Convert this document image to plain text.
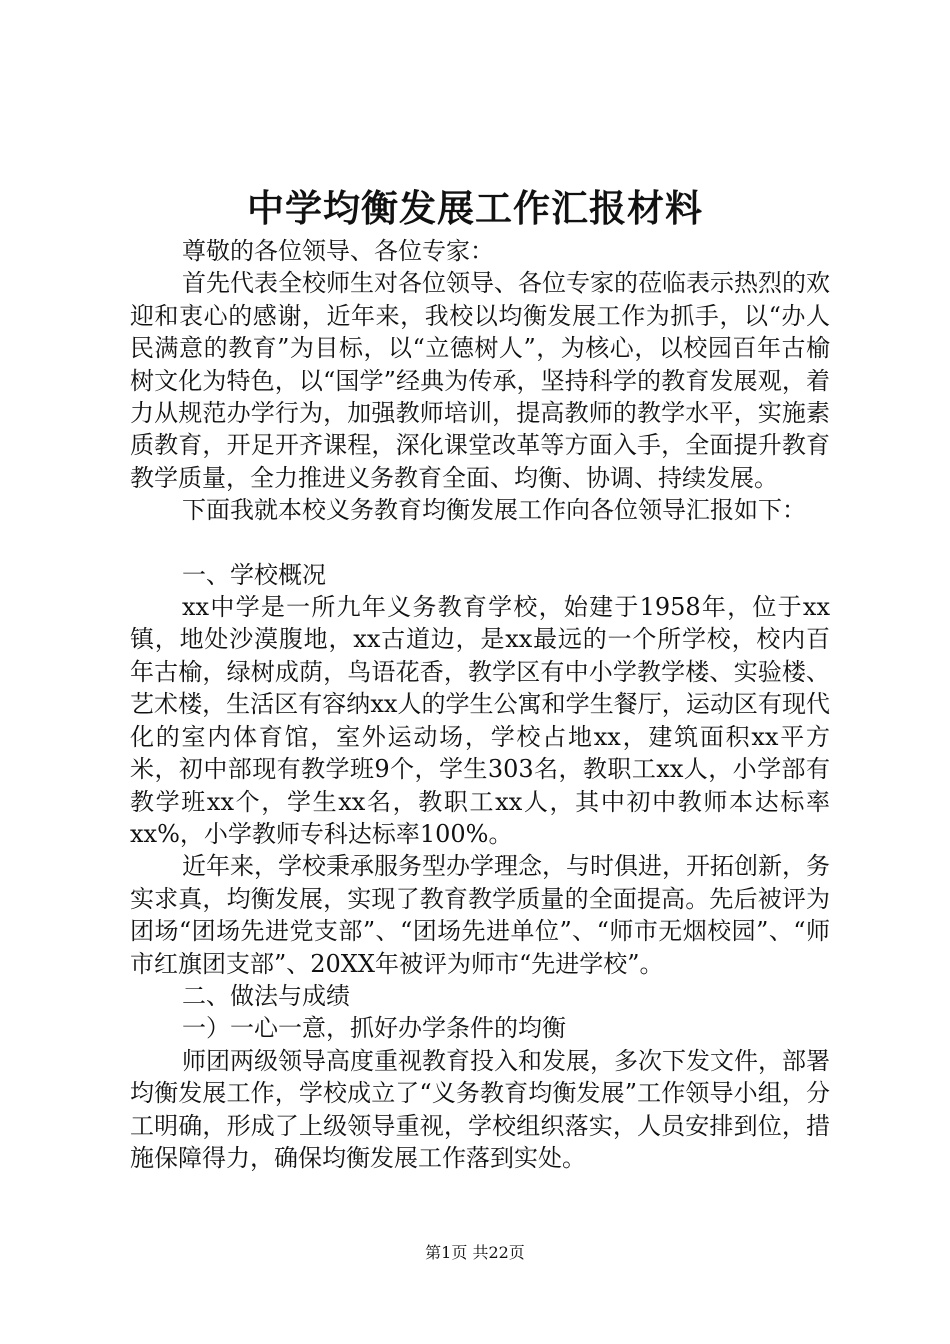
中学均衡发展工作汇报材料

尊敬的各位领导、各位专家：

首先代表全校师生对各位领导、各位专家的莅临表示热烈的欢迎和衷心的感谢，近年来，我校以均衡发展工作为抓手，以“办人民满意的教育”为目标，以“立德树人”，为核心，以校园百年古榆树文化为特色，以“国学”经典为传承，坚持科学的教育发展观，着力从规范办学行为，加强教师培训，提高教师的教学水平，实施素质教育，开足开齐课程，深化课堂改革等方面入手，全面提升教育教学质量，全力推进义务教育全面、均衡、协调、持续发展。

下面我就本校义务教育均衡发展工作向各位领导汇报如下：

一、学校概况

xx中学是一所九年义务教育学校，始建于1958年，位于xx镇，地处沙漠腹地，xx古道边，是xx最远的一个所学校，校内百年古榆，绿树成荫，鸟语花香，教学区有中小学教学楼、实验楼、艺术楼，生活区有容纳xx人的学生公寓和学生餐厅，运动区有现代化的室内体育馆，室外运动场，学校占地xx，建筑面积xx平方米，初中部现有教学班9个，学生303名，教职工xx人，小学部有教学班xx个，学生xx名，教职工xx人，其中初中教师本达标率xx%，小学教师专科达标率100%。

近年来，学校秉承服务型办学理念，与时俱进，开拓创新，务实求真，均衡发展，实现了教育教学质量的全面提高。先后被评为团场“团场先进党支部”、“团场先进单位”、“师市无烟校园”、“师市红旗团支部”、20XX年被评为师市“先进学校”。

二、做法与成绩

一）一心一意，抓好办学条件的均衡

师团两级领导高度重视教育投入和发展，多次下发文件，部署均衡发展工作，学校成立了“义务教育均衡发展”工作领导小组，分工明确，形成了上级领导重视，学校组织落实，人员安排到位，措施保障得力，确保均衡发展工作落到实处。

第1页 共22页
